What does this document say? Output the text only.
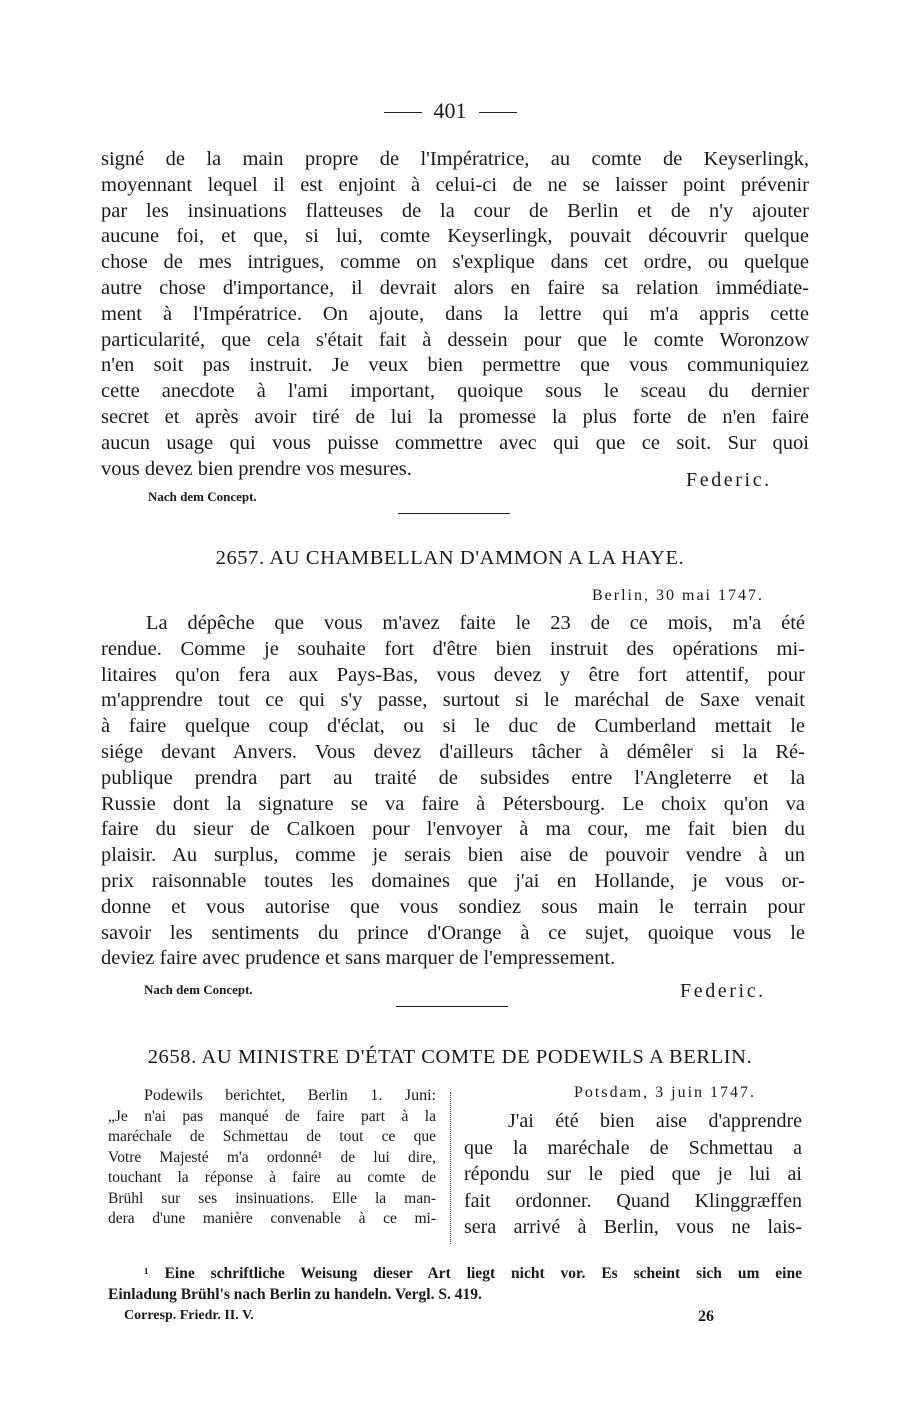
401
signé de la main propre de l'Impératrice, au comte de Keyserlingk,
moyennant lequel il est enjoint à celui-ci de ne se laisser point prévenir
par les insinuations flatteuses de la cour de Berlin et de n'y ajouter
aucune foi, et que, si lui, comte Keyserlingk, pouvait découvrir quelque
chose de mes intrigues, comme on s'explique dans cet ordre, ou quelque
autre chose d'importance, il devrait alors en faire sa relation immédiate-
ment à l'Impératrice. On ajoute, dans la lettre qui m'a appris cette
particularité, que cela s'était fait à dessein pour que le comte Woronzow
n'en soit pas instruit. Je veux bien permettre que vous communiquiez
cette anecdote à l'ami important, quoique sous le sceau du dernier
secret et après avoir tiré de lui la promesse la plus forte de n'en faire
aucun usage qui vous puisse commettre avec qui que ce soit. Sur quoi
vous devez bien prendre vos mesures.
Federic.
Nach dem Concept.
2657. AU CHAMBELLAN D'AMMON A LA HAYE.
Berlin, 30 mai 1747.
La dépêche que vous m'avez faite le 23 de ce mois, m'a été
rendue. Comme je souhaite fort d'être bien instruit des opérations mi-
litaires qu'on fera aux Pays-Bas, vous devez y être fort attentif, pour
m'apprendre tout ce qui s'y passe, surtout si le maréchal de Saxe venait
à faire quelque coup d'éclat, ou si le duc de Cumberland mettait le
siége devant Anvers. Vous devez d'ailleurs tâcher à démêler si la Ré-
publique prendra part au traité de subsides entre l'Angleterre et la
Russie dont la signature se va faire à Pétersbourg. Le choix qu'on va
faire du sieur de Calkoen pour l'envoyer à ma cour, me fait bien du
plaisir. Au surplus, comme je serais bien aise de pouvoir vendre à un
prix raisonnable toutes les domaines que j'ai en Hollande, je vous or-
donne et vous autorise que vous sondiez sous main le terrain pour
savoir les sentiments du prince d'Orange à ce sujet, quoique vous le
deviez faire avec prudence et sans marquer de l'empressement.
Nach dem Concept.	Federic.
2658. AU MINISTRE D'ÉTAT COMTE DE PODEWILS A BERLIN.
Podewils berichtet, Berlin 1. Juni:
„Je n'ai pas manqué de faire part à la
maréchale de Schmettau de tout ce que
Votre Majesté m'a ordonné¹ de lui dire,
touchant la réponse à faire au comte de
Brühl sur ses insinuations. Elle la man-
dera d'une manière convenable à ce mi-
Potsdam, 3 juin 1747.
J'ai été bien aise d'apprendre
que la maréchale de Schmettau a
répondu sur le pied que je lui ai
fait ordonner. Quand Klinggræffen
sera arrivé à Berlin, vous ne lais-
¹ Eine schriftliche Weisung dieser Art liegt nicht vor. Es scheint sich um eine
Einladung Brühl's nach Berlin zu handeln. Vergl. S. 419.
Corresp. Friedr. II. V.	26
